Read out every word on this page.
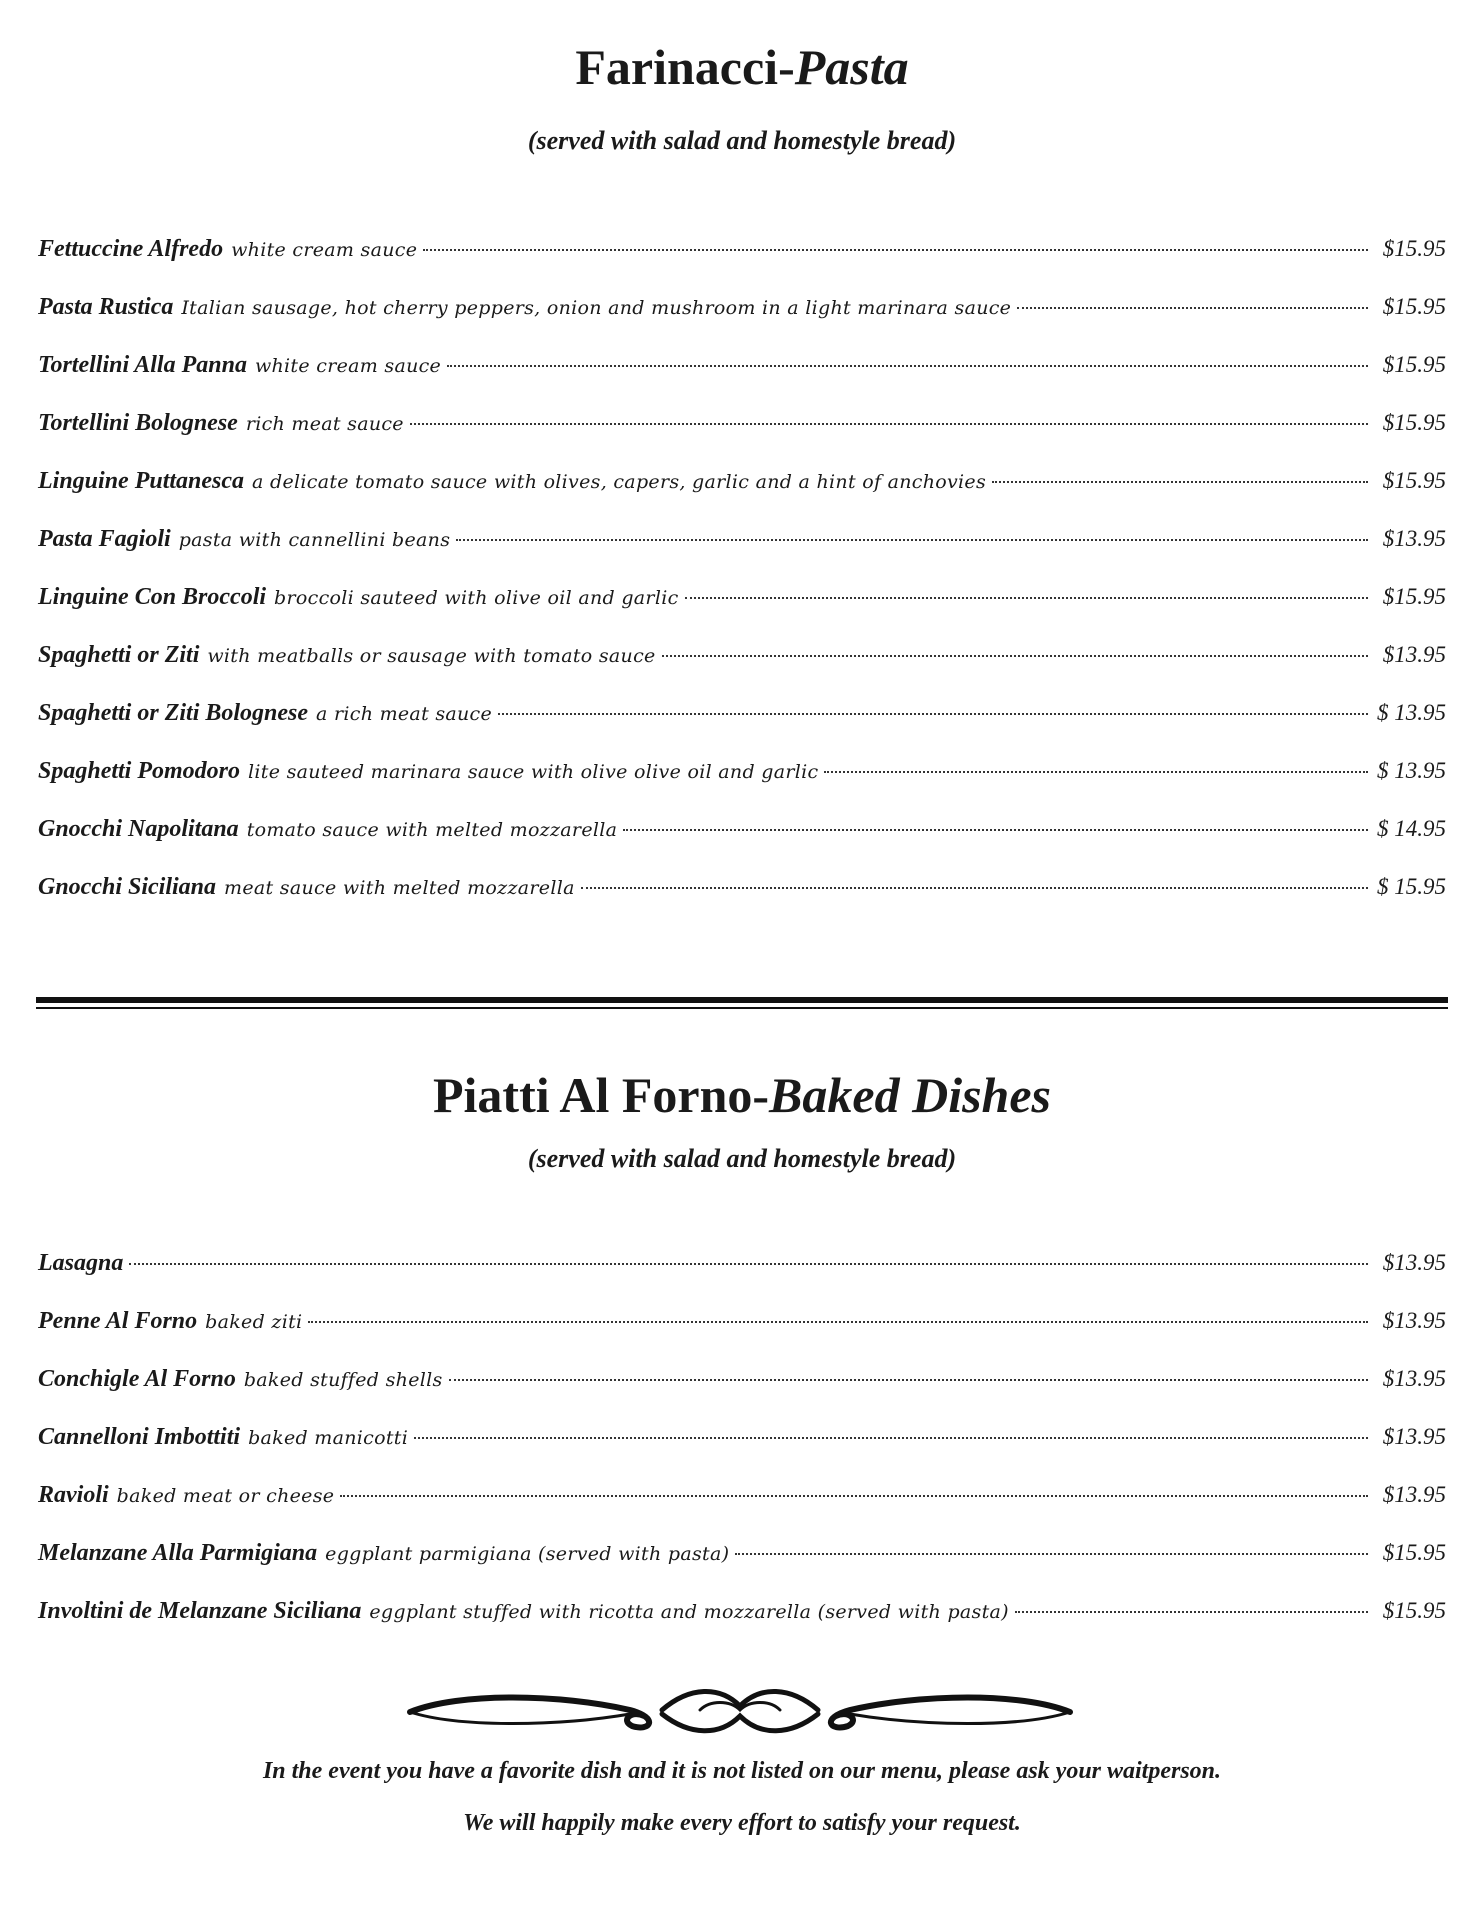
Farinacci-Pasta
(served with salad and homestyle bread)
Fettuccine Alfredo white cream sauce	$15.95
Pasta Rustica Italian sausage, hot cherry peppers, onion and mushroom in a light marinara sauce	$15.95
Tortellini Alla Panna white cream sauce	$15.95
Tortellini Bolognese rich meat sauce	$15.95
Linguine Puttanesca a delicate tomato sauce with olives, capers, garlic and a hint of anchovies	$15.95
Pasta Fagioli pasta with cannellini beans	$13.95
Linguine Con Broccoli broccoli sauteed with olive oil and garlic	$15.95
Spaghetti or Ziti with meatballs or sausage with tomato sauce	$13.95
Spaghetti or Ziti Bolognese a rich meat sauce	$ 13.95
Spaghetti Pomodoro lite sauteed marinara sauce with olive olive oil and garlic	$ 13.95
Gnocchi Napolitana tomato sauce with melted mozzarella	$ 14.95
Gnocchi Siciliana meat sauce with melted mozzarella	$ 15.95
Piatti Al Forno-Baked Dishes
(served with salad and homestyle bread)
Lasagna	$13.95
Penne Al Forno baked ziti	$13.95
Conchigle Al Forno baked stuffed shells	$13.95
Cannelloni Imbottiti baked manicotti	$13.95
Ravioli baked meat or cheese	$13.95
Melanzane Alla Parmigiana eggplant parmigiana (served with pasta)	$15.95
Involtini de Melanzane Siciliana eggplant stuffed with ricotta and mozzarella (served with pasta)	$15.95
In the event you have a favorite dish and it is not listed on our menu, please ask your waitperson.
We will happily make every effort to satisfy your request.
